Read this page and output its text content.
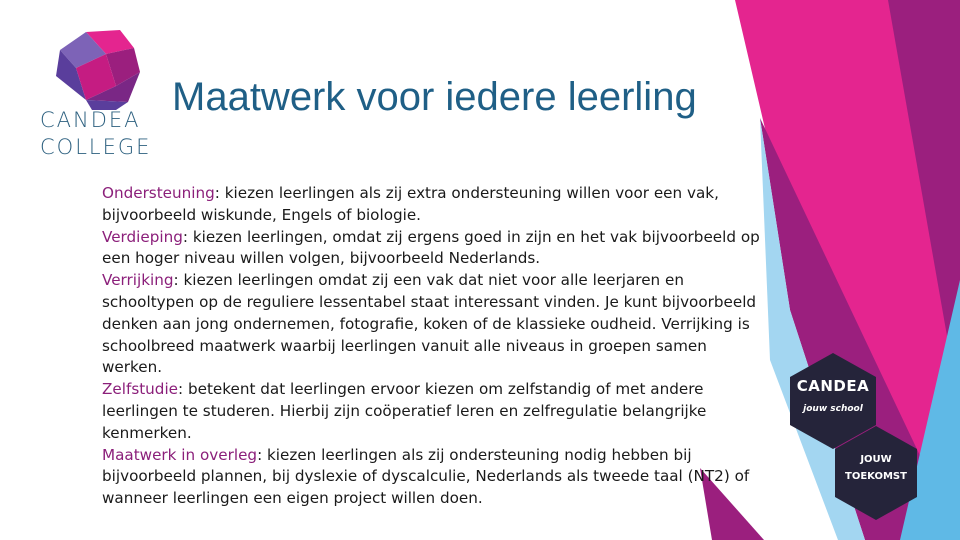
CANDEA
COLLEGE
Maatwerk voor iedere leerling

Ondersteuning: kiezen leerlingen als zij extra ondersteuning willen voor een vak, bijvoorbeeld wiskunde, Engels of biologie.

Verdieping: kiezen leerlingen, omdat zij ergens goed in zijn en het vak bijvoorbeeld op een hoger niveau willen volgen, bijvoorbeeld Nederlands.

Verrijking: kiezen leerlingen omdat zij een vak dat niet voor alle leerjaren en schooltypen op de reguliere lessentabel staat interessant vinden. Je kunt bijvoorbeeld denken aan jong ondernemen, fotografie, koken of de klassieke oudheid. Verrijking is schoolbreed maatwerk waarbij leerlingen vanuit alle niveaus in groepen samen werken.

Zelfstudie: betekent dat leerlingen ervoor kiezen om zelfstandig of met andere leerlingen te studeren. Hierbij zijn coöperatief leren en zelfregulatie belangrijke kenmerken.

Maatwerk in overleg: kiezen leerlingen als zij ondersteuning nodig hebben bij bijvoorbeeld plannen, bij dyslexie of dyscalculie, Nederlands als tweede taal (NT2) of wanneer leerlingen een eigen project willen doen.

CANDEA
jouw school
JOUW
TOEKOMST
